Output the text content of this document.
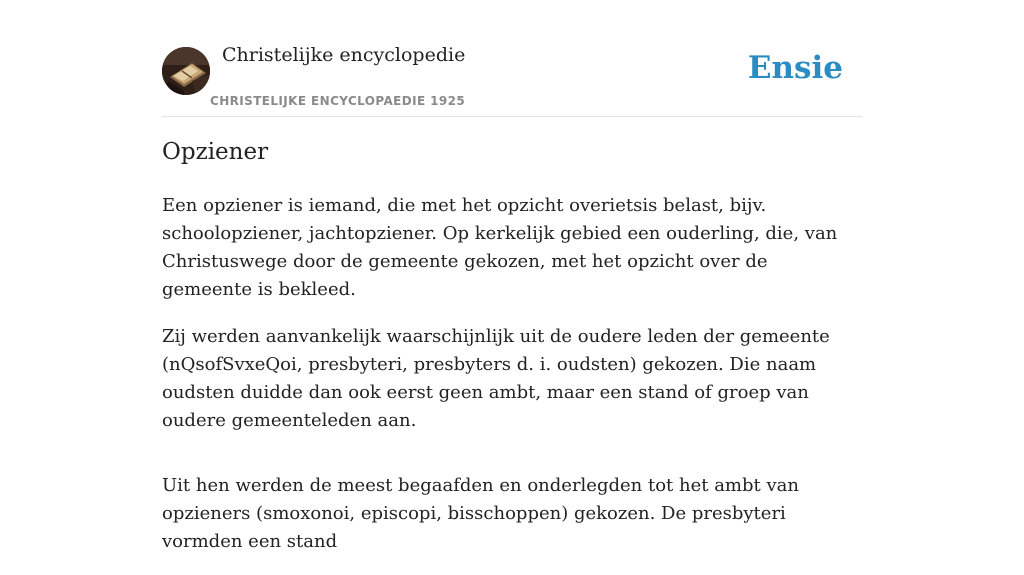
Christelijke encyclopedie
CHRISTELIJKE ENCYCLOPAEDIE 1925
Ensie
Opziener

Een opziener is iemand, die met het opzicht overietsis belast, bijv. schoolopziener, jachtopziener. Op kerkelijk gebied een ouderling, die, van Christuswege door de gemeente gekozen, met het opzicht over de gemeente is bekleed.

Zij werden aanvankelijk waarschijnlijk uit de oudere leden der gemeente (nQsofSvxeQoi, presbyteri, presbyters d. i. oudsten) gekozen. Die naam oudsten duidde dan ook eerst geen ambt, maar een stand of groep van oudere gemeenteleden aan.

Uit hen werden de meest begaafden en onderlegden tot het ambt van opzieners (smoxonoi, episcopi, bisschoppen) gekozen. De presbyteri vormden een stand
